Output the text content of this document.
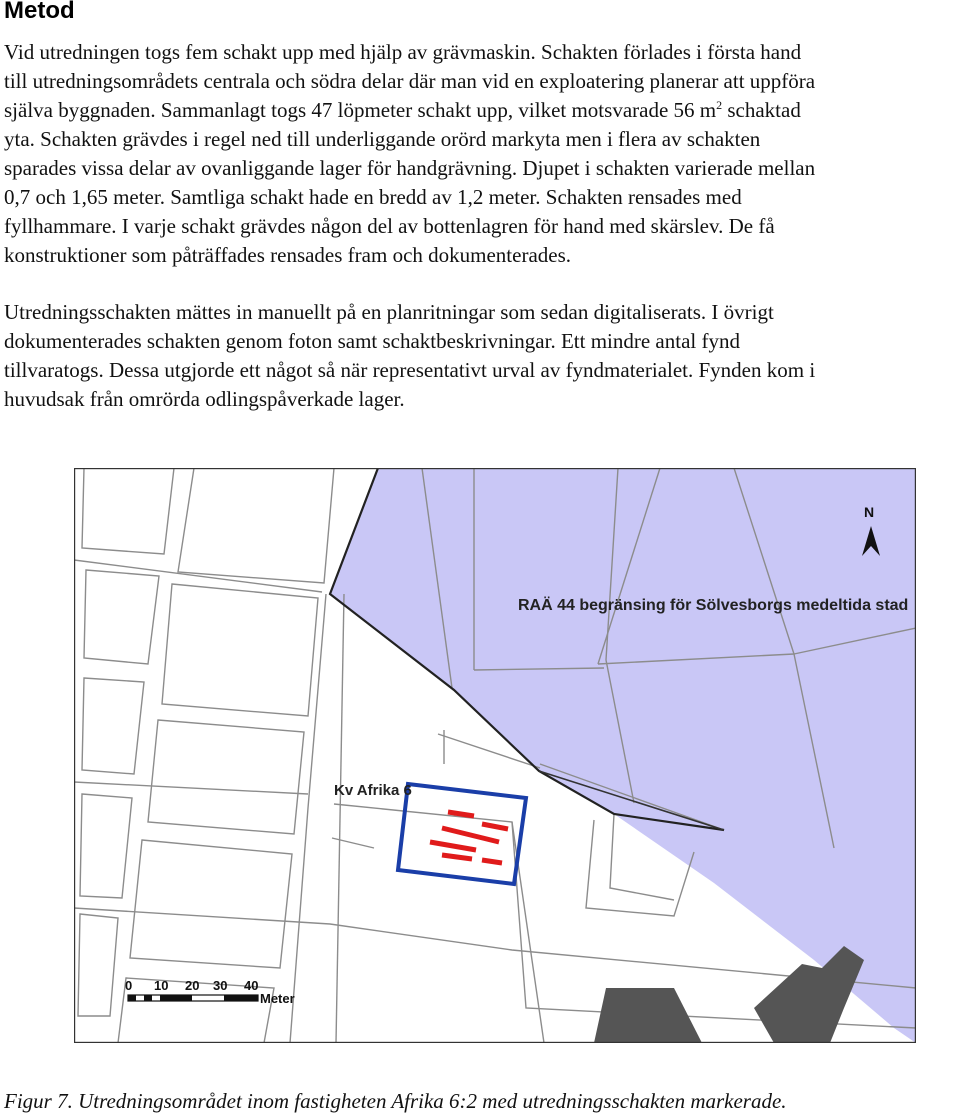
Metod
Vid utredningen togs fem schakt upp med hjälp av grävmaskin. Schakten förlades i första hand
till utredningsområdets centrala och södra delar där man vid en exploatering planerar att uppföra
själva byggnaden. Sammanlagt togs 47 löpmeter schakt upp, vilket motsvarade 56 $m^2$ schaktad
yta. Schakten grävdes i regel ned till underliggande orörd markyta men i flera av schakten
sparades vissa delar av ovanliggande lager för handgrävning. Djupet i schakten varierade mellan
0,7 och 1,65 meter. Samtliga schakt hade en bredd av 1,2 meter. Schakten rensades med
fyllhammare. I varje schakt grävdes någon del av bottenlagren för hand med skärslev. De få
konstruktioner som påträffades rensades fram och dokumenterades.
Utredningsschakten mättes in manuellt på en planritningar som sedan digitaliserats. I övrigt
dokumenterades schakten genom foton samt schaktbeskrivningar. Ett mindre antal fynd
tillvaratogs. Dessa utgjorde ett något så när representativt urval av fyndmaterialet. Fynden kom i
huvudsak från omrörda odlingspåverkade lager.
Kv Afrika 6
RAÄ 44 begränsing för Sölvesborgs medeltida stad
N
0 10 20 30 40
Meter

Figur 7. Utredningsområdet inom fastigheten Afrika 6:2 med utredningsschakten markerade.
